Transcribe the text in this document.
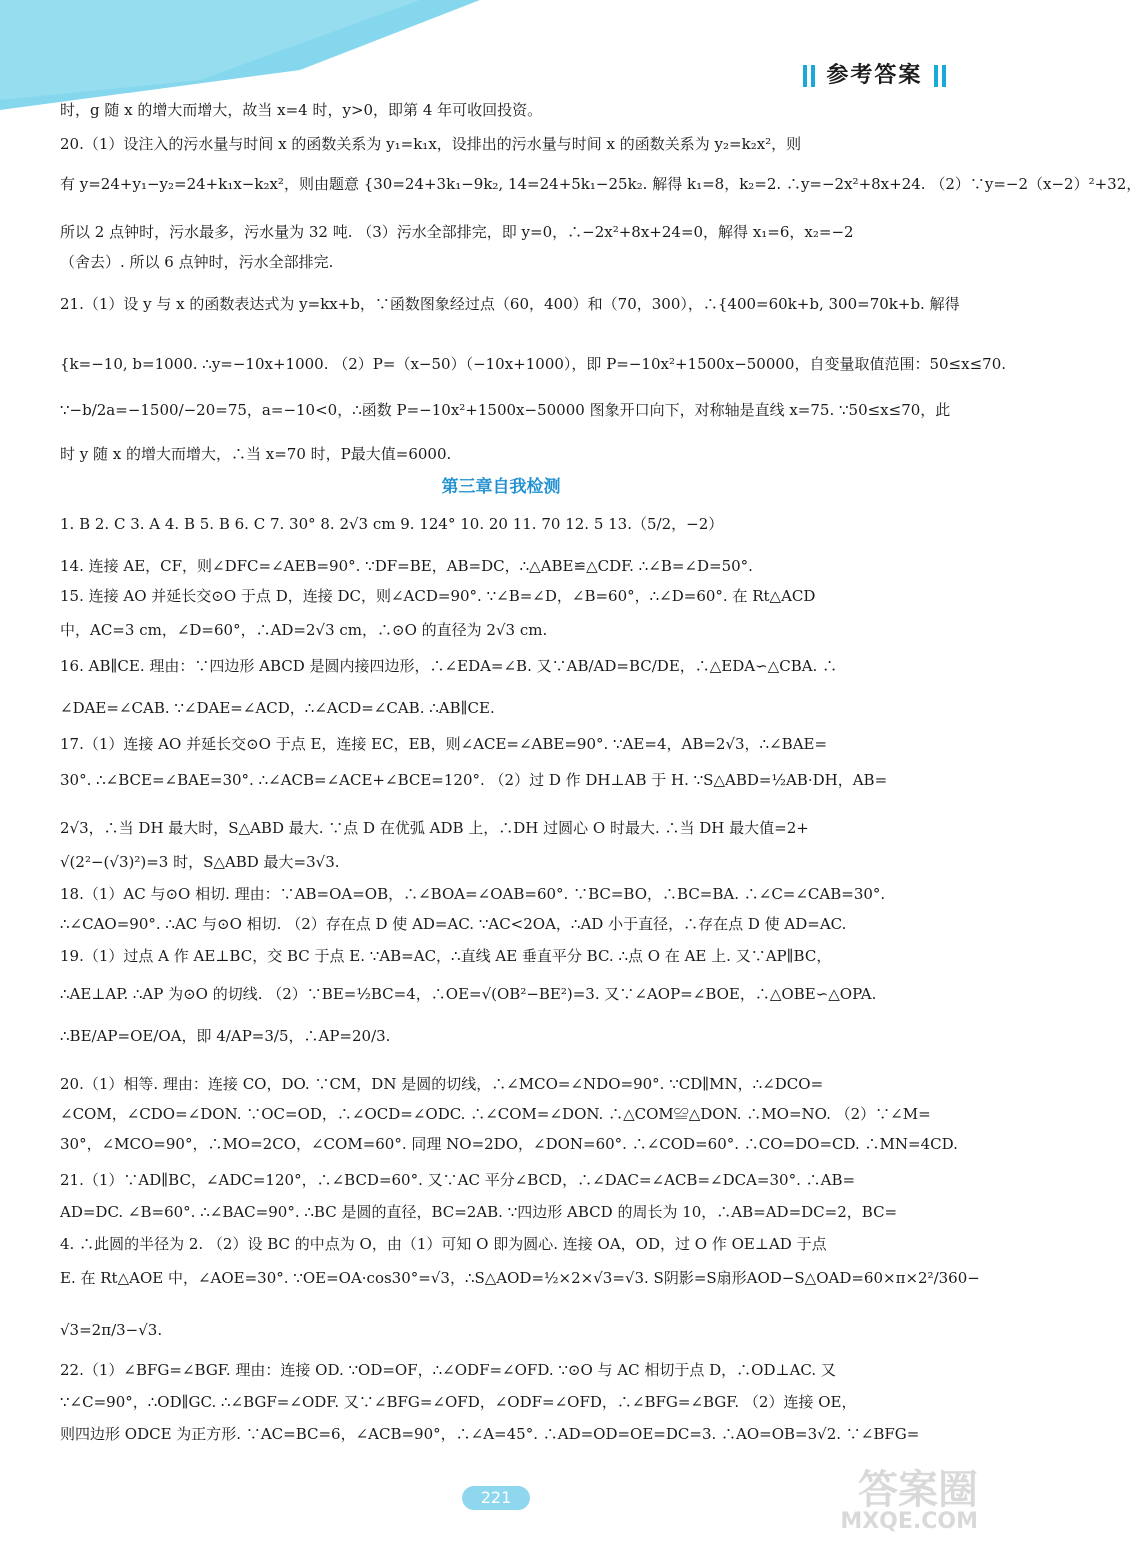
参考答案

时，g 随 x 的增大而增大，故当 x=4 时，y>0，即第 4 年可收回投资。

20.（1）设注入的污水量与时间 x 的函数关系为 y₁=k₁x，设排出的污水量与时间 x 的函数关系为 y₂=k₂x²，则

有 y=24+y₁−y₂=24+k₁x−k₂x²，则由题意 {30=24+3k₁−9k₂, 14=24+5k₁−25k₂. 解得 k₁=8，k₂=2. ∴y=−2x²+8x+24. （2）∵y=−2（x−2）²+32，

所以 2 点钟时，污水最多，污水量为 32 吨. （3）污水全部排完，即 y=0，∴−2x²+8x+24=0，解得 x₁=6，x₂=−2

（舍去）. 所以 6 点钟时，污水全部排完.

21.（1）设 y 与 x 的函数表达式为 y=kx+b，∵函数图象经过点（60，400）和（70，300），∴{400=60k+b, 300=70k+b. 解得

{k=−10, b=1000. ∴y=−10x+1000. （2）P=（x−50）（−10x+1000），即 P=−10x²+1500x−50000，自变量取值范围：50≤x≤70.

∵−b/2a=−1500/−20=75，a=−10<0，∴函数 P=−10x²+1500x−50000 图象开口向下，对称轴是直线 x=75. ∵50≤x≤70，此

时 y 随 x 的增大而增大，∴当 x=70 时，P最大值=6000.

第三章自我检测

1. B 2. C 3. A 4. B 5. B 6. C 7. 30° 8. 2√3 cm 9. 124° 10. 20 11. 70 12. 5 13.（5/2，−2）

14. 连接 AE，CF，则∠DFC=∠AEB=90°. ∵DF=BE，AB=DC，∴△ABE≌△CDF. ∴∠B=∠D=50°.

15. 连接 AO 并延长交⊙O 于点 D，连接 DC，则∠ACD=90°. ∵∠B=∠D，∠B=60°，∴∠D=60°. 在 Rt△ACD

中，AC=3 cm，∠D=60°，∴AD=2√3 cm，∴⊙O 的直径为 2√3 cm.

16. AB∥CE. 理由：∵四边形 ABCD 是圆内接四边形，∴∠EDA=∠B. 又∵AB/AD=BC/DE，∴△EDA∽△CBA. ∴

∠DAE=∠CAB. ∵∠DAE=∠ACD，∴∠ACD=∠CAB. ∴AB∥CE.

17.（1）连接 AO 并延长交⊙O 于点 E，连接 EC，EB，则∠ACE=∠ABE=90°. ∵AE=4，AB=2√3，∴∠BAE=

30°. ∴∠BCE=∠BAE=30°. ∴∠ACB=∠ACE+∠BCE=120°. （2）过 D 作 DH⊥AB 于 H. ∵S△ABD=½AB·DH，AB=

2√3，∴当 DH 最大时，S△ABD 最大. ∵点 D 在优弧 ADB 上，∴DH 过圆心 O 时最大. ∴当 DH 最大值=2+

√(2²−(√3)²)=3 时，S△ABD 最大=3√3.

18.（1）AC 与⊙O 相切. 理由：∵AB=OA=OB，∴∠BOA=∠OAB=60°. ∵BC=BO，∴BC=BA. ∴∠C=∠CAB=30°.

∴∠CAO=90°. ∴AC 与⊙O 相切. （2）存在点 D 使 AD=AC. ∵AC<2OA，∴AD 小于直径，∴存在点 D 使 AD=AC.

19.（1）过点 A 作 AE⊥BC，交 BC 于点 E. ∵AB=AC，∴直线 AE 垂直平分 BC. ∴点 O 在 AE 上. 又∵AP∥BC，

∴AE⊥AP. ∴AP 为⊙O 的切线. （2）∵BE=½BC=4，∴OE=√(OB²−BE²)=3. 又∵∠AOP=∠BOE，∴△OBE∽△OPA.

∴BE/AP=OE/OA，即 4/AP=3/5，∴AP=20/3.

20.（1）相等. 理由：连接 CO，DO. ∵CM，DN 是圆的切线，∴∠MCO=∠NDO=90°. ∵CD∥MN，∴∠DCO=

∠COM，∠CDO=∠DON. ∵OC=OD，∴∠OCD=∠ODC. ∴∠COM=∠DON. ∴△COM≌△DON. ∴MO=NO. （2）∵∠M=

30°，∠MCO=90°，∴MO=2CO，∠COM=60°. 同理 NO=2DO，∠DON=60°. ∴∠COD=60°. ∴CO=DO=CD. ∴MN=4CD.

21.（1）∵AD∥BC，∠ADC=120°，∴∠BCD=60°. 又∵AC 平分∠BCD，∴∠DAC=∠ACB=∠DCA=30°. ∴AB=

AD=DC. ∠B=60°. ∴∠BAC=90°. ∴BC 是圆的直径，BC=2AB. ∵四边形 ABCD 的周长为 10，∴AB=AD=DC=2，BC=

4. ∴此圆的半径为 2. （2）设 BC 的中点为 O，由（1）可知 O 即为圆心. 连接 OA，OD，过 O 作 OE⊥AD 于点

E. 在 Rt△AOE 中，∠AOE=30°. ∵OE=OA·cos30°=√3，∴S△AOD=½×2×√3=√3. S阴影=S扇形AOD−S△OAD=60×π×2²/360−

√3=2π/3−√3.

22.（1）∠BFG=∠BGF. 理由：连接 OD. ∵OD=OF，∴∠ODF=∠OFD. ∵⊙O 与 AC 相切于点 D，∴OD⊥AC. 又

∵∠C=90°，∴OD∥GC. ∴∠BGF=∠ODF. 又∵∠BFG=∠OFD，∠ODF=∠OFD，∴∠BFG=∠BGF. （2）连接 OE，

则四边形 ODCE 为正方形. ∵AC=BC=6，∠ACB=90°，∴∠A=45°. ∴AD=OD=OE=DC=3. ∴AO=OB=3√2. ∵∠BFG=

221	答案圈
MXQE.COM
